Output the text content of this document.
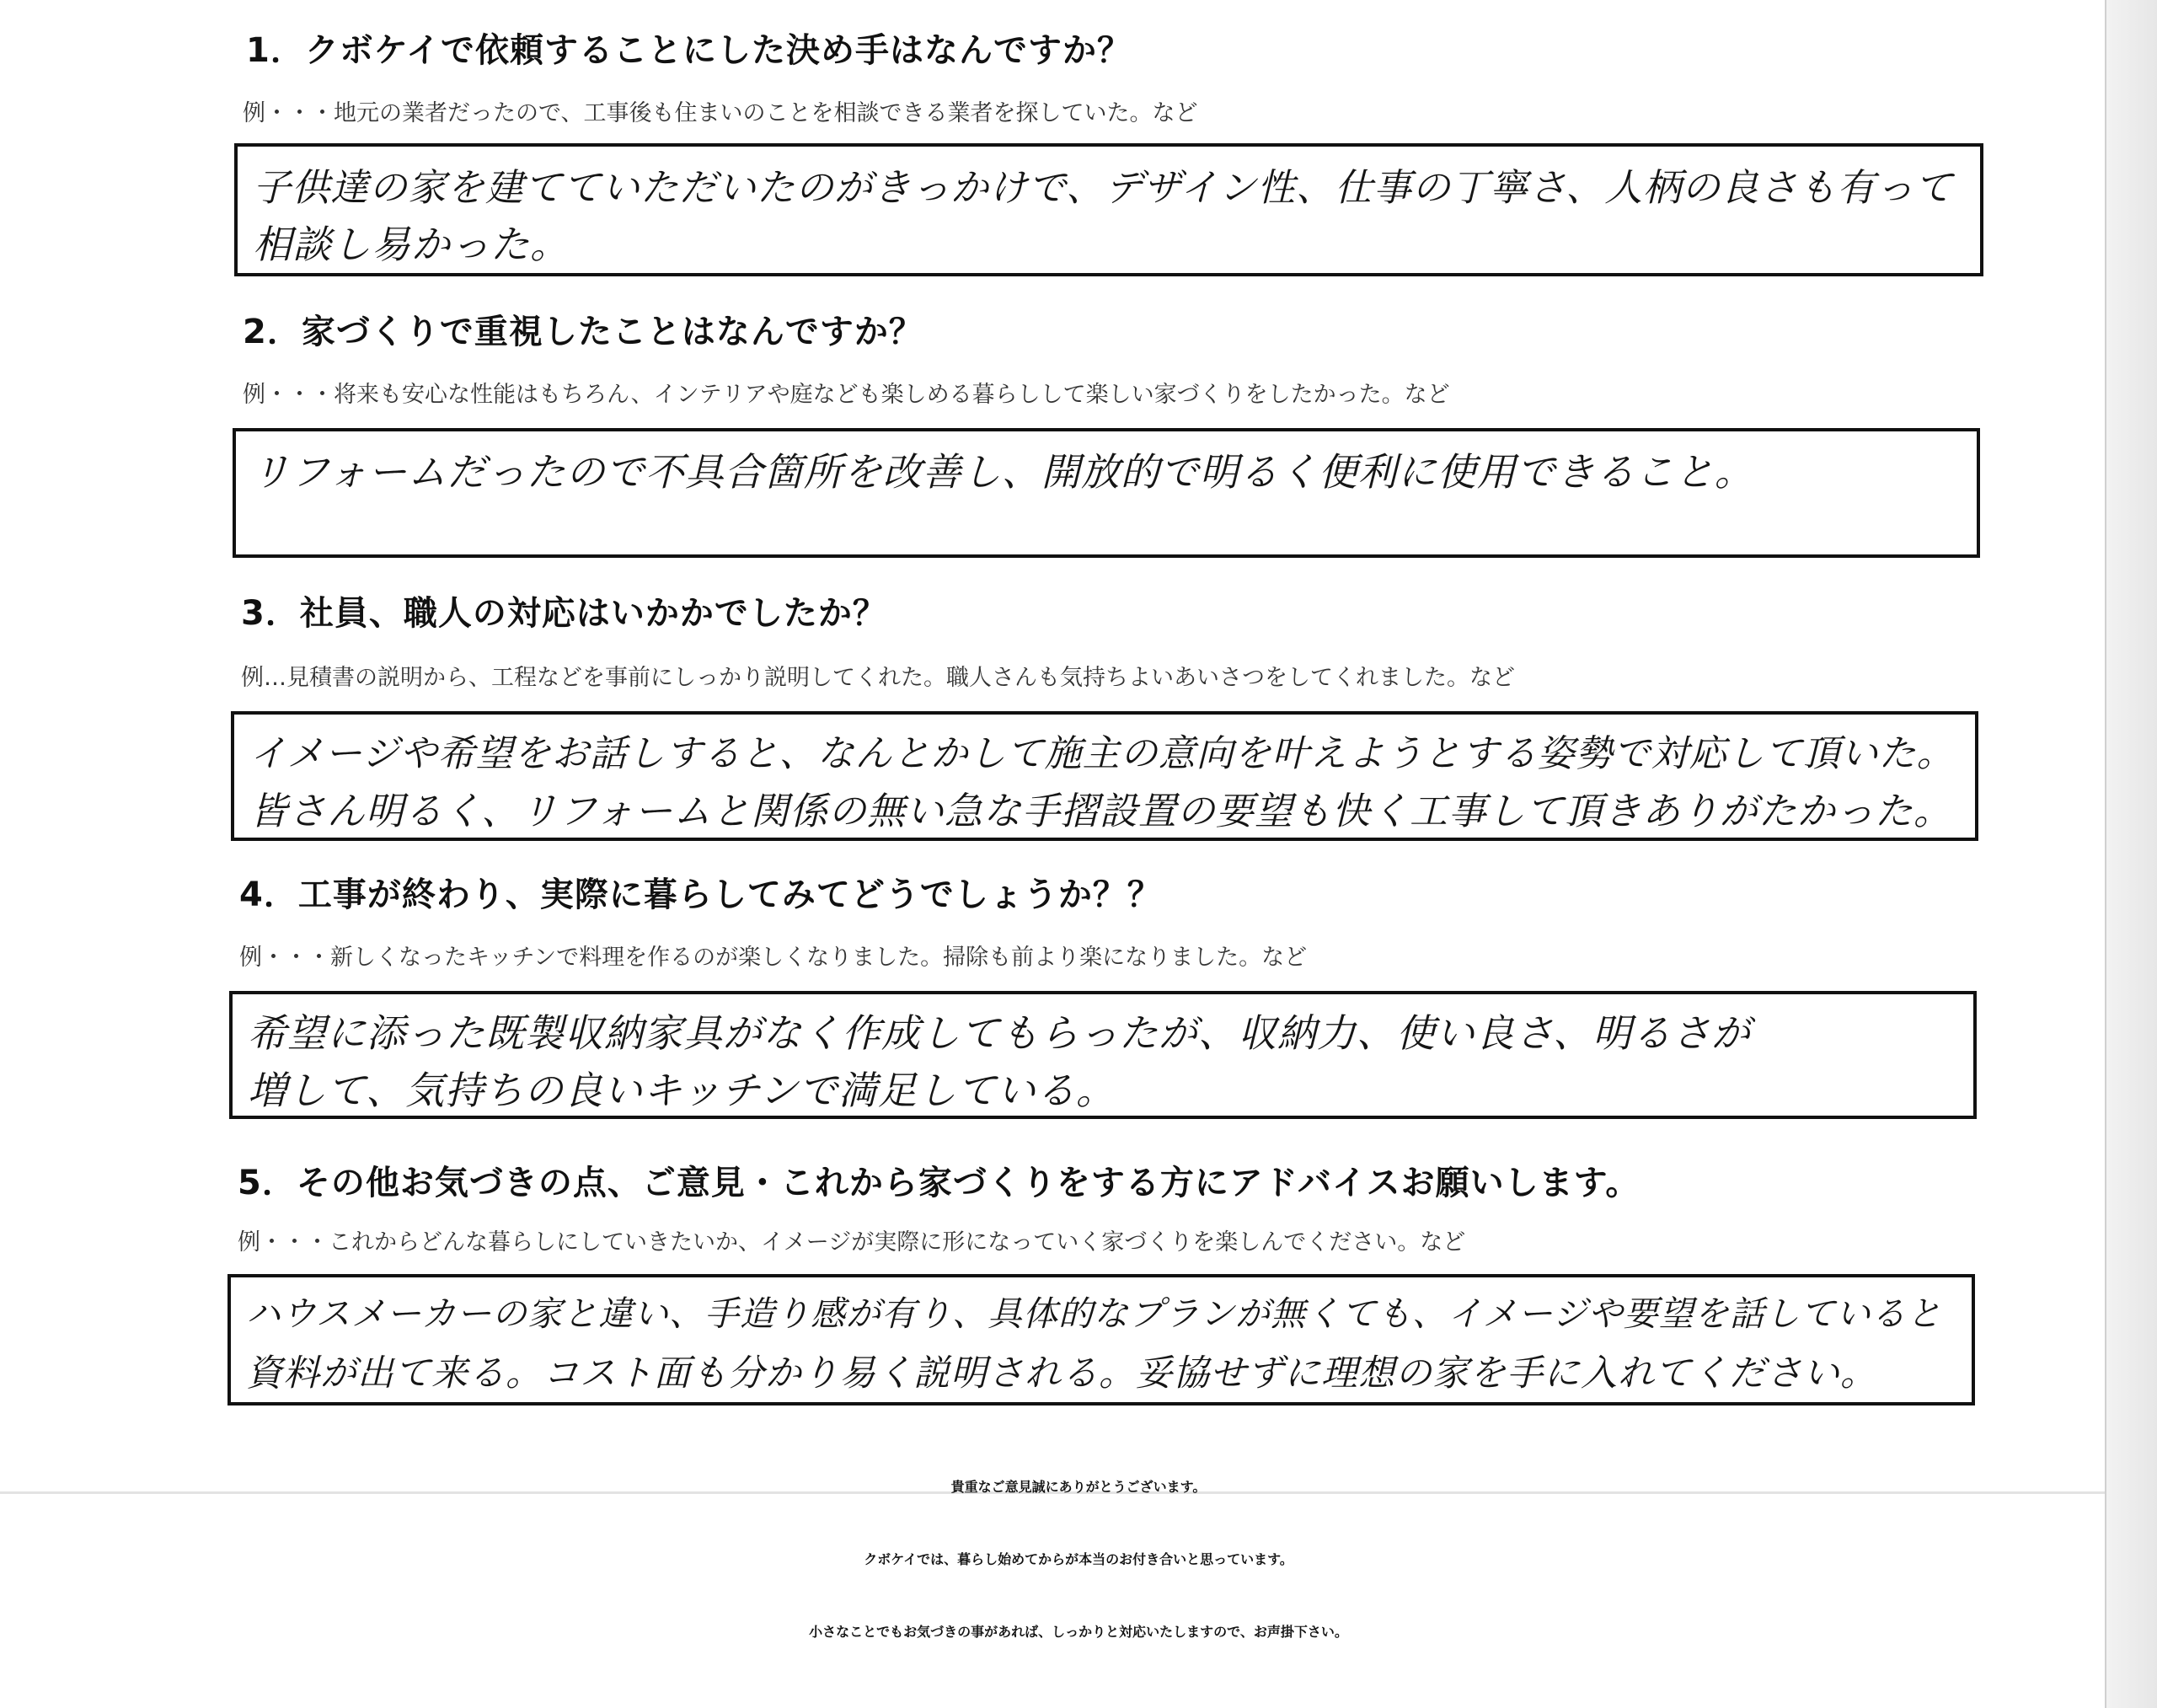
1．クボケイで依頼することにした決め手はなんですか？
例・・・地元の業者だったので、工事後も住まいのことを相談できる業者を探していた。など
子供達の家を建てていただいたのがきっかけで、デザイン性、仕事の丁寧さ、人柄の良さも有って
相談し易かった。
2．家づくりで重視したことはなんですか？
例・・・将来も安心な性能はもちろん、インテリアや庭なども楽しめる暮らしして楽しい家づくりをしたかった。など
リフォームだったので不具合箇所を改善し、開放的で明るく便利に使用できること。
3．社員、職人の対応はいかかでしたか？
例…見積書の説明から、工程などを事前にしっかり説明してくれた。職人さんも気持ちよいあいさつをしてくれました。など
イメージや希望をお話しすると、なんとかして施主の意向を叶えようとする姿勢で対応して頂いた。
皆さん明るく、リフォームと関係の無い急な手摺設置の要望も快く工事して頂きありがたかった。
4．工事が終わり、実際に暮らしてみてどうでしょうか？？
例・・・新しくなったキッチンで料理を作るのが楽しくなりました。掃除も前より楽になりました。など
希望に添った既製収納家具がなく作成してもらったが、収納力、使い良さ、明るさが
増して、気持ちの良いキッチンで満足している。
5．その他お気づきの点、ご意見・これから家づくりをする方にアドバイスお願いします。
例・・・これからどんな暮らしにしていきたいか、イメージが実際に形になっていく家づくりを楽しんでください。など
ハウスメーカーの家と違い、手造り感が有り、具体的なプランが無くても、イメージや要望を話していると
資料が出て来る。コスト面も分かり易く説明される。妥協せずに理想の家を手に入れてください。
貴重なご意見誠にありがとうございます。
クボケイでは、暮らし始めてからが本当のお付き合いと思っています。
小さなことでもお気づきの事があれば、しっかりと対応いたしますので、お声掛下さい。
